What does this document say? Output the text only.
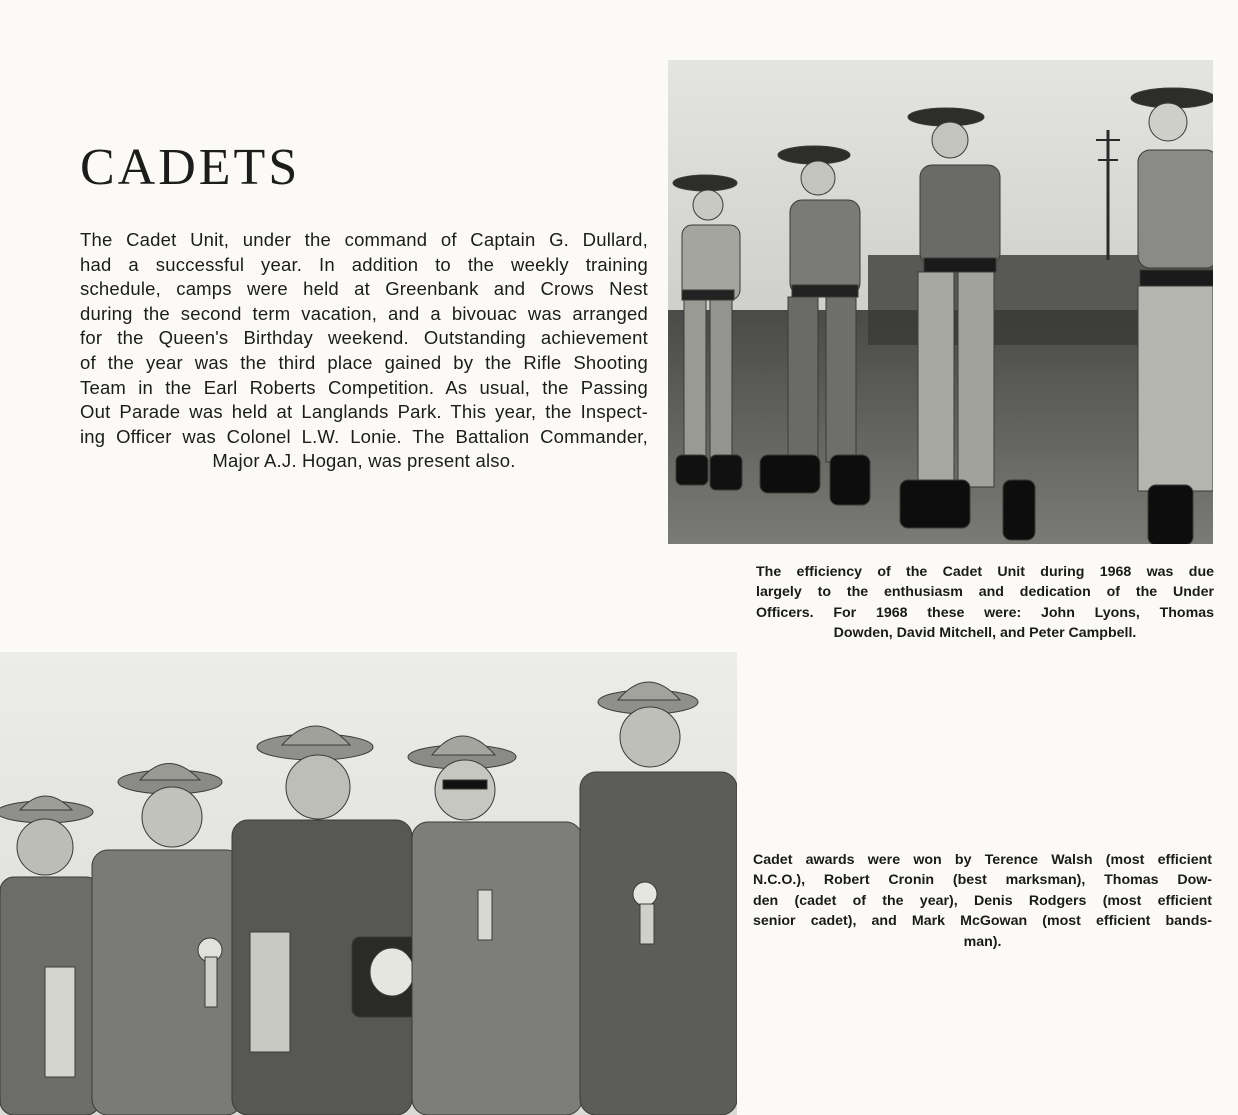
CADETS

The Cadet Unit, under the command of Captain G. Dullard,
had a successful year. In addition to the weekly training
schedule, camps were held at Greenbank and Crows Nest
during the second term vacation, and a bivouac was arranged
for the Queen's Birthday weekend. Outstanding achievement
of the year was the third place gained by the Rifle Shooting
Team in the Earl Roberts Competition. As usual, the Passing
Out Parade was held at Langlands Park. This year, the Inspect-
ing Officer was Colonel L.W. Lonie. The Battalion Commander,
Major A.J. Hogan, was present also.

The efficiency of the Cadet Unit during 1968 was due
largely to the enthusiasm and dedication of the Under
Officers. For 1968 these were: John Lyons, Thomas
Dowden, David Mitchell, and Peter Campbell.

Cadet awards were won by Terence Walsh (most efficient
N.C.O.), Robert Cronin (best marksman), Thomas Dow-
den (cadet of the year), Denis Rodgers (most efficient
senior cadet), and Mark McGowan (most efficient bands-
man).
